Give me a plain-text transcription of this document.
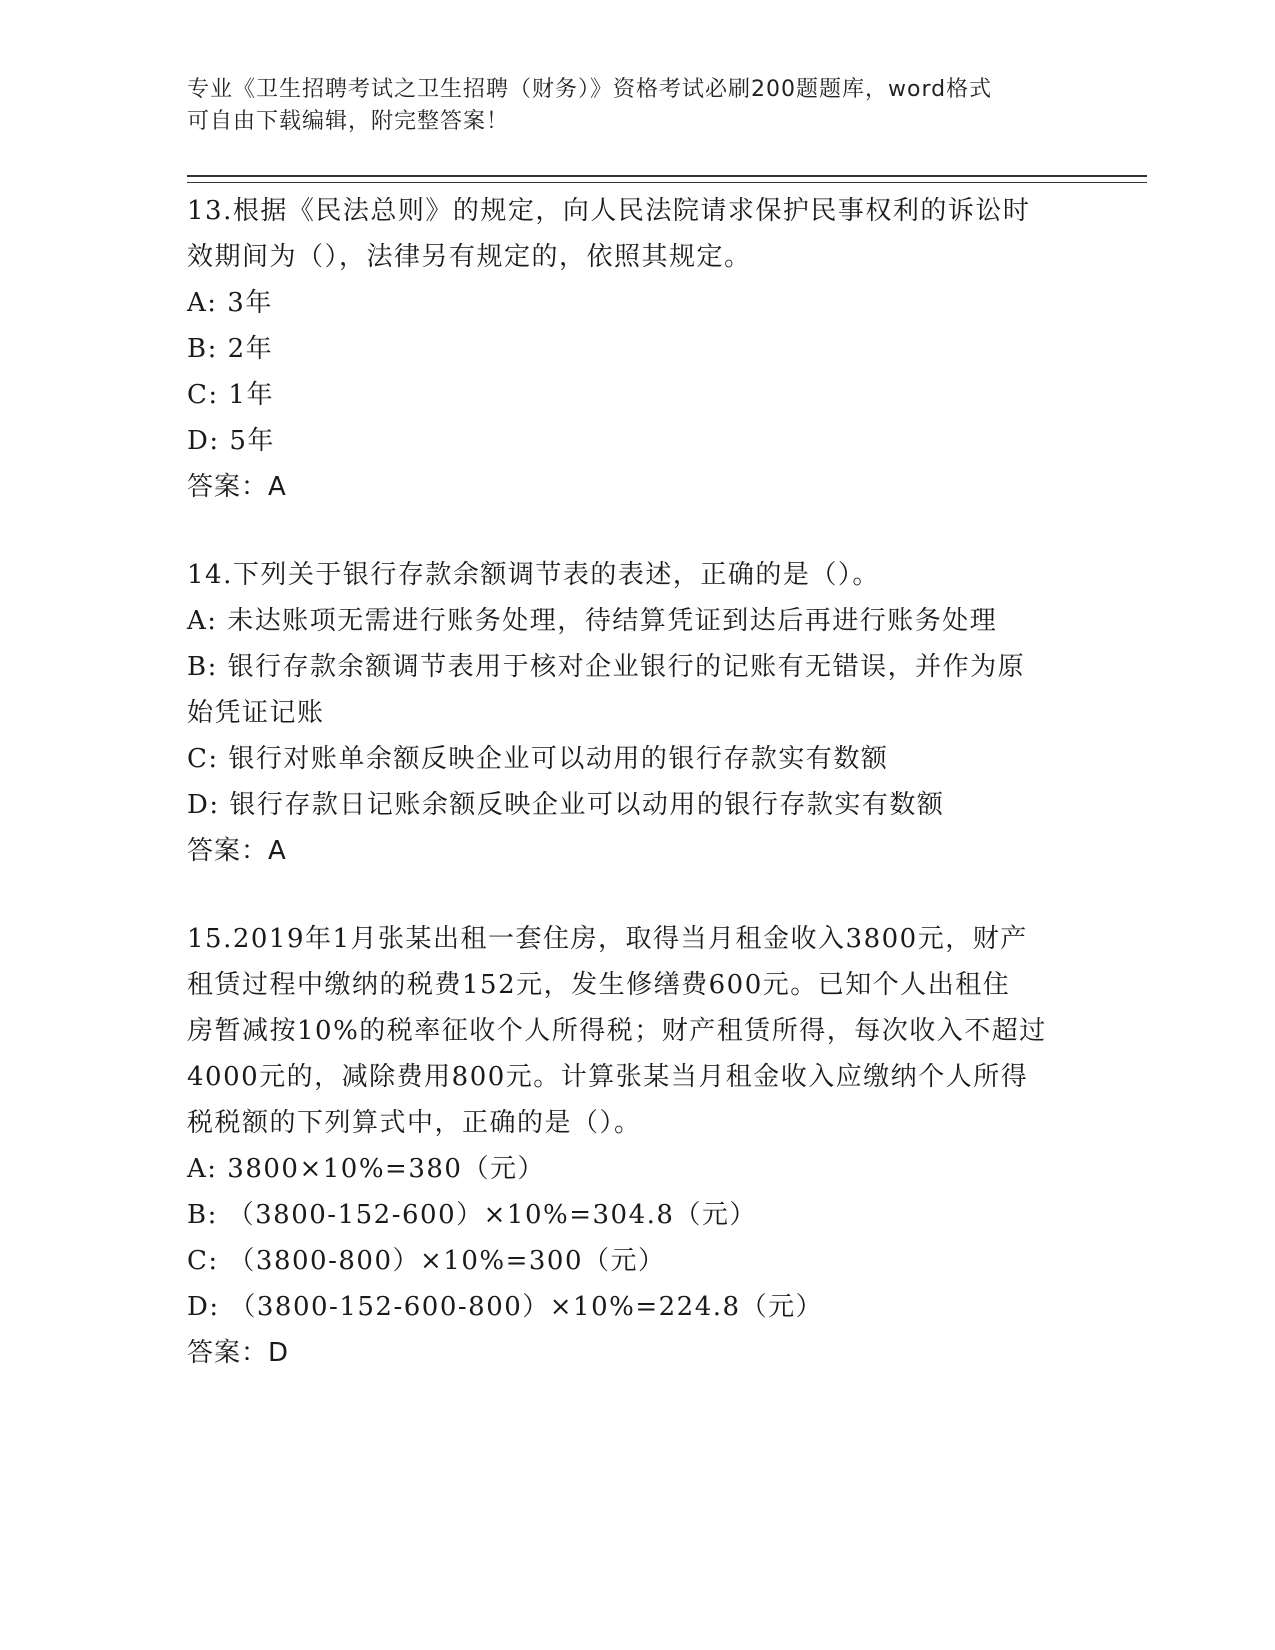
专业《卫生招聘考试之卫生招聘（财务）》资格考试必刷200题题库，word格式
可自由下载编辑，附完整答案！
13.根据《民法总则》的规定，向人民法院请求保护民事权利的诉讼时
效期间为（），法律另有规定的，依照其规定。
A: 3年
B: 2年
C: 1年
D: 5年
答案：A
14.下列关于银行存款余额调节表的表述，正确的是（）。
A: 未达账项无需进行账务处理，待结算凭证到达后再进行账务处理
B: 银行存款余额调节表用于核对企业银行的记账有无错误，并作为原
始凭证记账
C: 银行对账单余额反映企业可以动用的银行存款实有数额
D: 银行存款日记账余额反映企业可以动用的银行存款实有数额
答案：A
15.2019年1月张某出租一套住房，取得当月租金收入3800元，财产
租赁过程中缴纳的税费152元，发生修缮费600元。已知个人出租住
房暂减按10%的税率征收个人所得税；财产租赁所得，每次收入不超过
4000元的，减除费用800元。计算张某当月租金收入应缴纳个人所得
税税额的下列算式中，正确的是（）。
A: 3800×10%=380（元）
B: （3800-152-600）×10%=304.8（元）
C: （3800-800）×10%=300（元）
D: （3800-152-600-800）×10%=224.8（元）
答案：D
